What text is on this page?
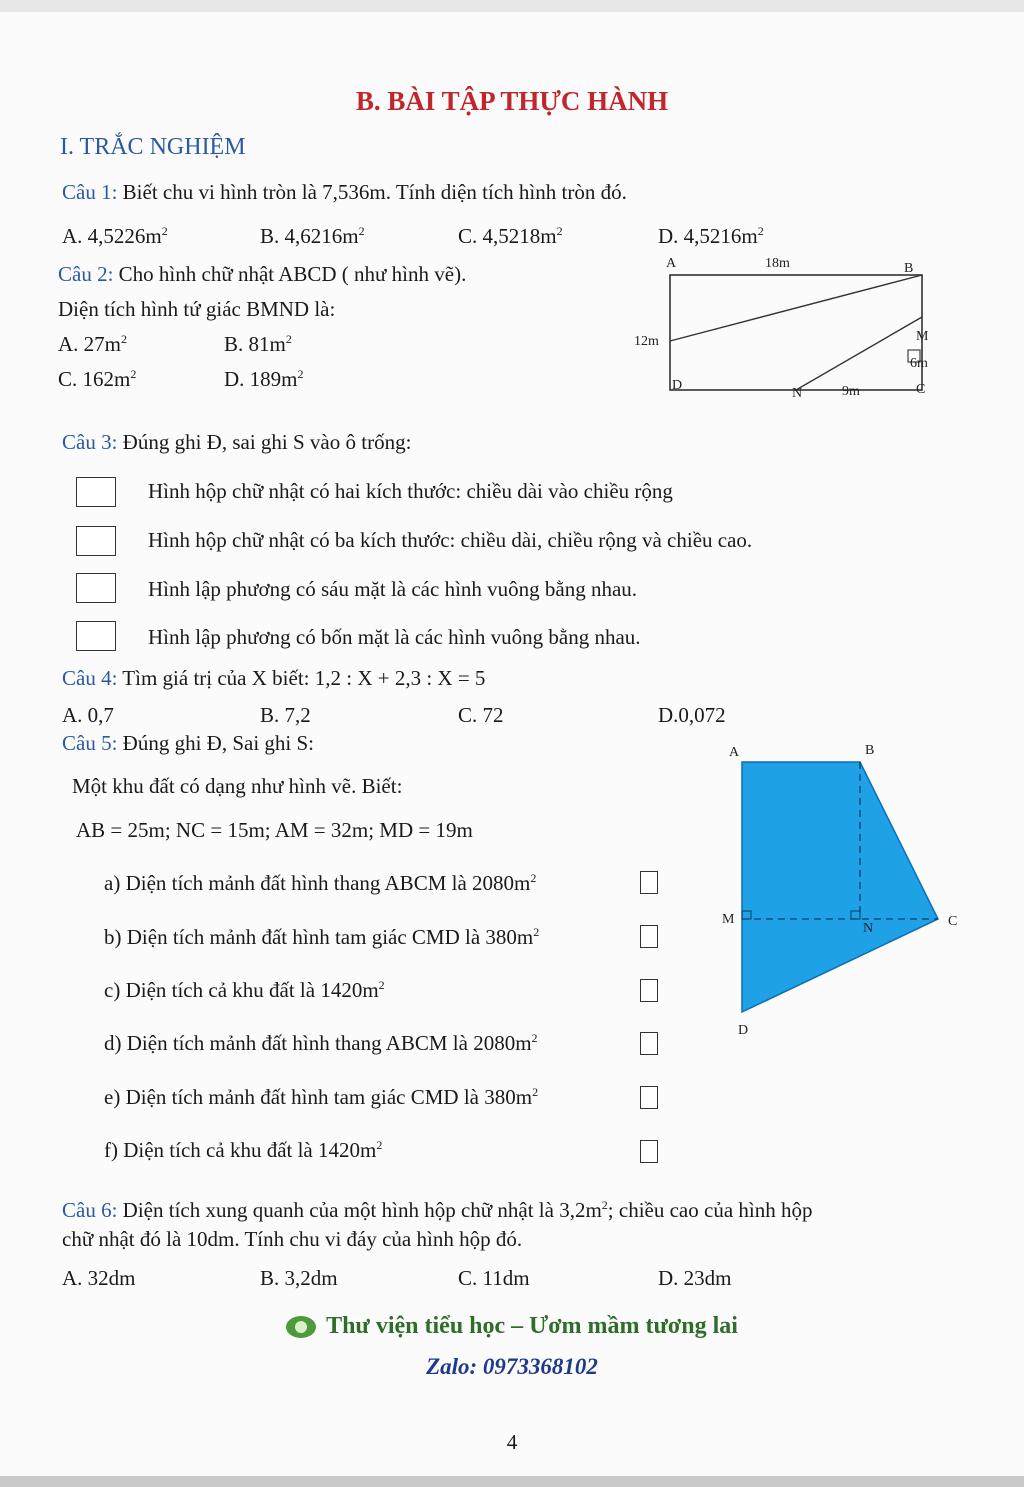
B. BÀI TẬP THỰC HÀNH
I. TRẮC NGHIỆM
Câu 1: Biết chu vi hình tròn là 7,536m. Tính diện tích hình tròn đó.
A. $4,5226m^2$	B. $4,6216m^2$	C. $4,5218m^2$	D. $4,5216m^2$
Câu 2: Cho hình chữ nhật ABCD ( như hình vẽ).
Diện tích hình tứ giác BMND là:
A. $27m^2$	B. $81m^2$
C. $162m^2$	D. $189m^2$
A	18m	B
12m	M
6m
D
N	9m	C
Câu 3: Đúng ghi Đ, sai ghi S vào ô trống:
Hình hộp chữ nhật có hai kích thước: chiều dài vào chiều rộng
Hình hộp chữ nhật có ba kích thước: chiều dài, chiều rộng và chiều cao.
Hình lập phương có sáu mặt là các hình vuông bằng nhau.
Hình lập phương có bốn mặt là các hình vuông bằng nhau.
Câu 4: Tìm giá trị của X biết: 1,2 : X + 2,3 : X = 5
A. 0,7	B. 7,2	C. 72	D.0,072
Câu 5: Đúng ghi Đ, Sai ghi S:
Một khu đất có dạng như hình vẽ. Biết:
AB = 25m; NC = 15m; AM = 32m; MD = 19m
a) Diện tích mảnh đất hình thang ABCM là $2080m^2$
b) Diện tích mảnh đất hình tam giác CMD là $380m^2$
c) Diện tích cả khu đất là $1420m^2$
d) Diện tích mảnh đất hình thang ABCM là $2080m^2$
e) Diện tích mảnh đất hình tam giác CMD là $380m^2$
f) Diện tích cả khu đất là $1420m^2$
A	B
M
N	C
D
Câu 6: Diện tích xung quanh của một hình hộp chữ nhật là $3,2m^2$; chiều cao của hình hộp
chữ nhật đó là 10dm. Tính chu vi đáy của hình hộp đó.
A. 32dm	B. 3,2dm	C. 11dm	D. 23dm
Thư viện tiểu học – Ươm mầm tương lai
Zalo: 0973368102
4
